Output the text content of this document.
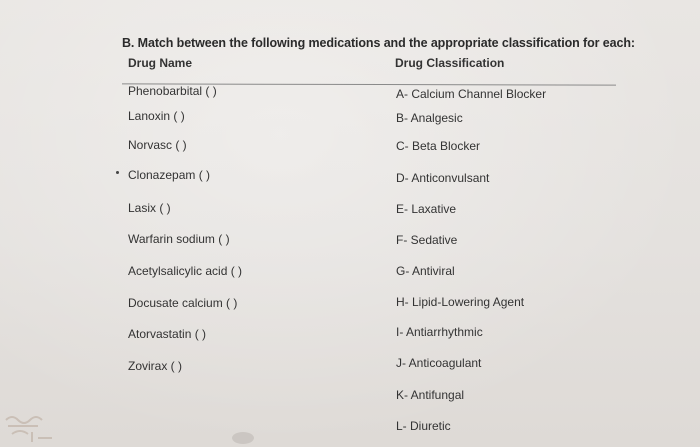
B. Match between the following medications and the appropriate classification for each:
Drug Name	Drug Classification
Phenobarbital ( )
Lanoxin ( )
Norvasc ( )
Clonazepam ( )
Lasix ( )
Warfarin sodium ( )
Acetylsalicylic acid ( )
Docusate calcium ( )
Atorvastatin ( )
Zovirax ( )
A- Calcium Channel Blocker
B- Analgesic
C- Beta Blocker
D- Anticonvulsant
E- Laxative
F- Sedative
G- Antiviral
H- Lipid-Lowering Agent
I- Antiarrhythmic
J- Anticoagulant
K- Antifungal
L- Diuretic
